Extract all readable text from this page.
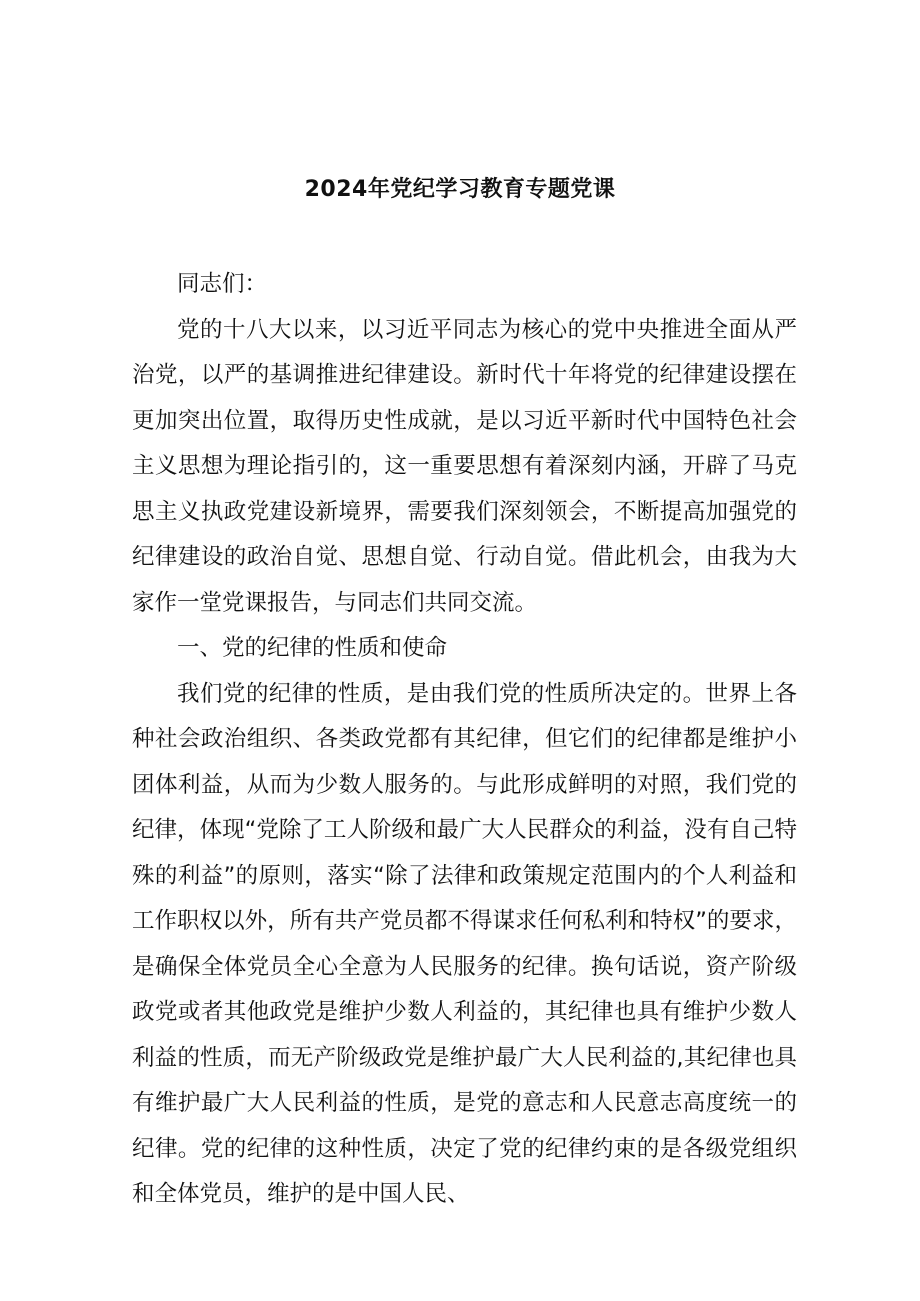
2024年党纪学习教育专题党课

同志们：

党的十八大以来，以习近平同志为核心的党中央推进全面从严治党，以严的基调推进纪律建设。新时代十年将党的纪律建设摆在更加突出位置，取得历史性成就，是以习近平新时代中国特色社会主义思想为理论指引的，这一重要思想有着深刻内涵，开辟了马克思主义执政党建设新境界，需要我们深刻领会，不断提高加强党的纪律建设的政治自觉、思想自觉、行动自觉。借此机会，由我为大家作一堂党课报告，与同志们共同交流。

一、党的纪律的性质和使命

我们党的纪律的性质，是由我们党的性质所决定的。世界上各种社会政治组织、各类政党都有其纪律，但它们的纪律都是维护小团体利益，从而为少数人服务的。与此形成鲜明的对照，我们党的纪律，体现“党除了工人阶级和最广大人民群众的利益，没有自己特殊的利益”的原则，落实“除了法律和政策规定范围内的个人利益和工作职权以外，所有共产党员都不得谋求任何私利和特权”的要求，是确保全体党员全心全意为人民服务的纪律。换句话说，资产阶级政党或者其他政党是维护少数人利益的，其纪律也具有维护少数人利益的性质，而无产阶级政党是维护最广大人民利益的,其纪律也具有维护最广大人民利益的性质，是党的意志和人民意志高度统一的纪律。党的纪律的这种性质，决定了党的纪律约束的是各级党组织和全体党员，维护的是中国人民、
